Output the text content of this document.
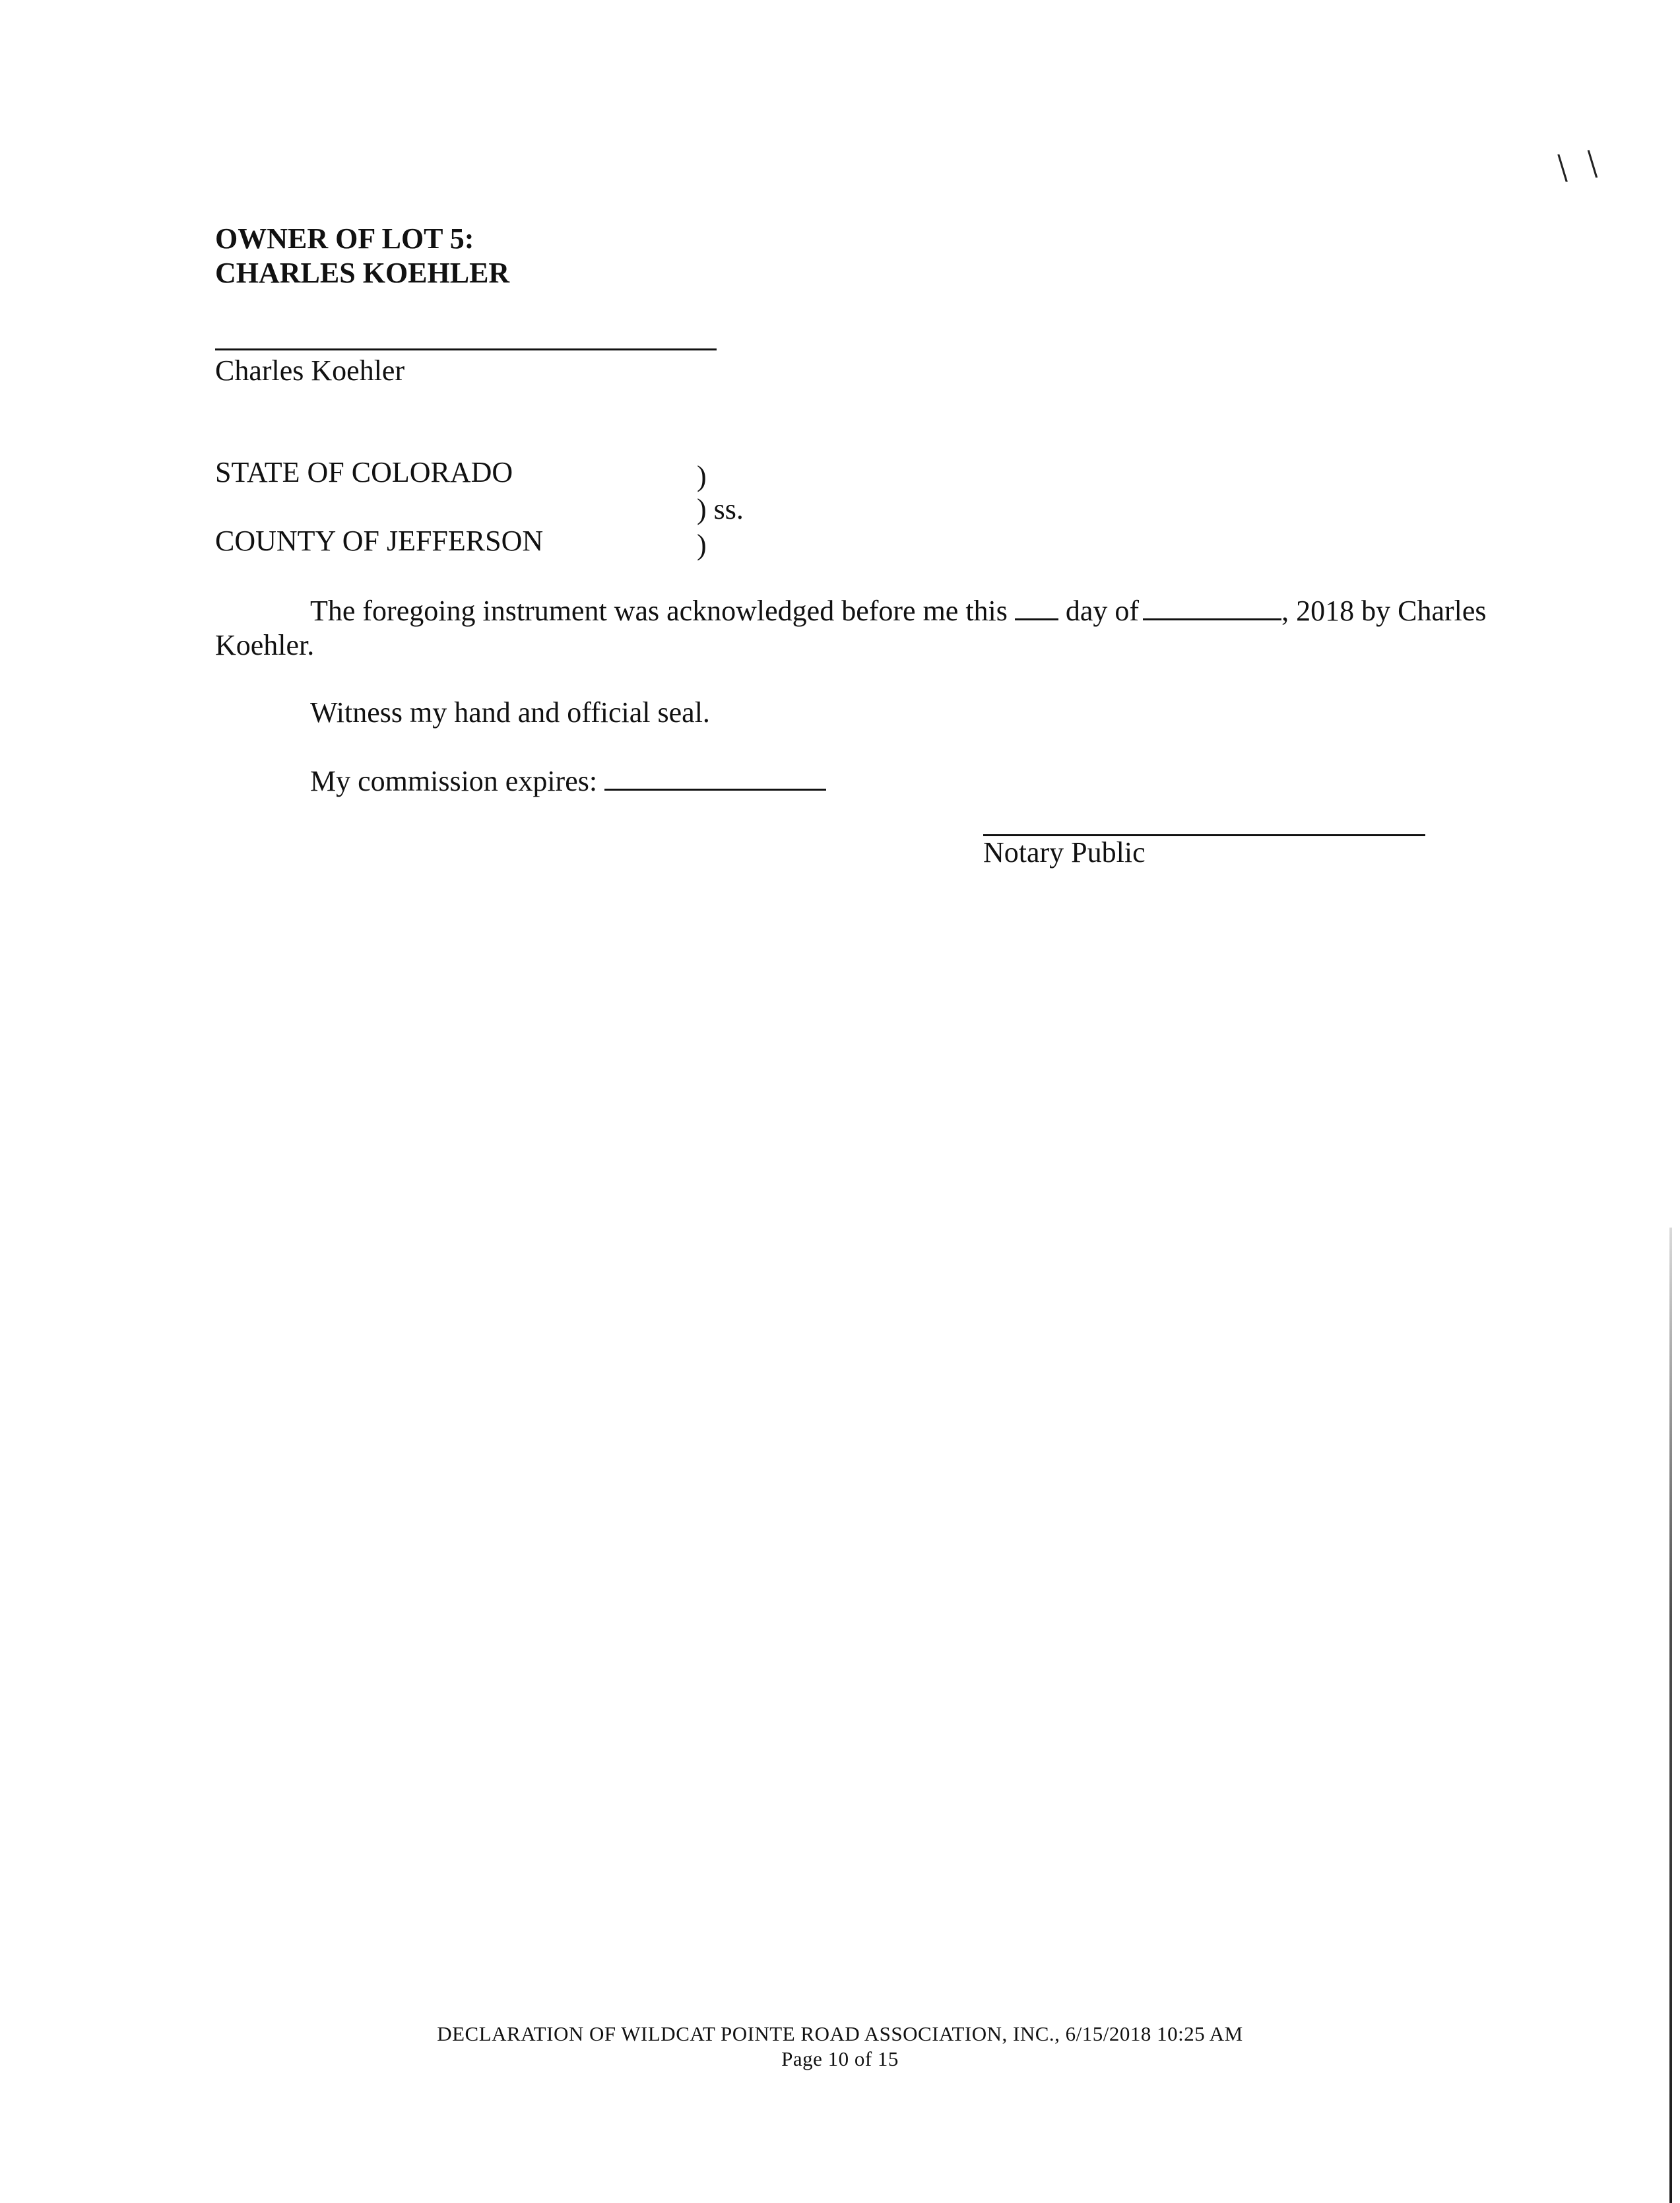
\ \
OWNER OF LOT 5:
CHARLES KOEHLER
Charles Koehler
STATE OF COLORADO	)
) ss.
COUNTY OF JEFFERSON	)
The foregoing instrument was acknowledged before me this day of	, 2018 by Charles
Koehler.
Witness my hand and official seal.
My commission expires:
Notary Public
DECLARATION OF WILDCAT POINTE ROAD ASSOCIATION, INC., 6/15/2018 10:25 AM
Page 10 of 15
